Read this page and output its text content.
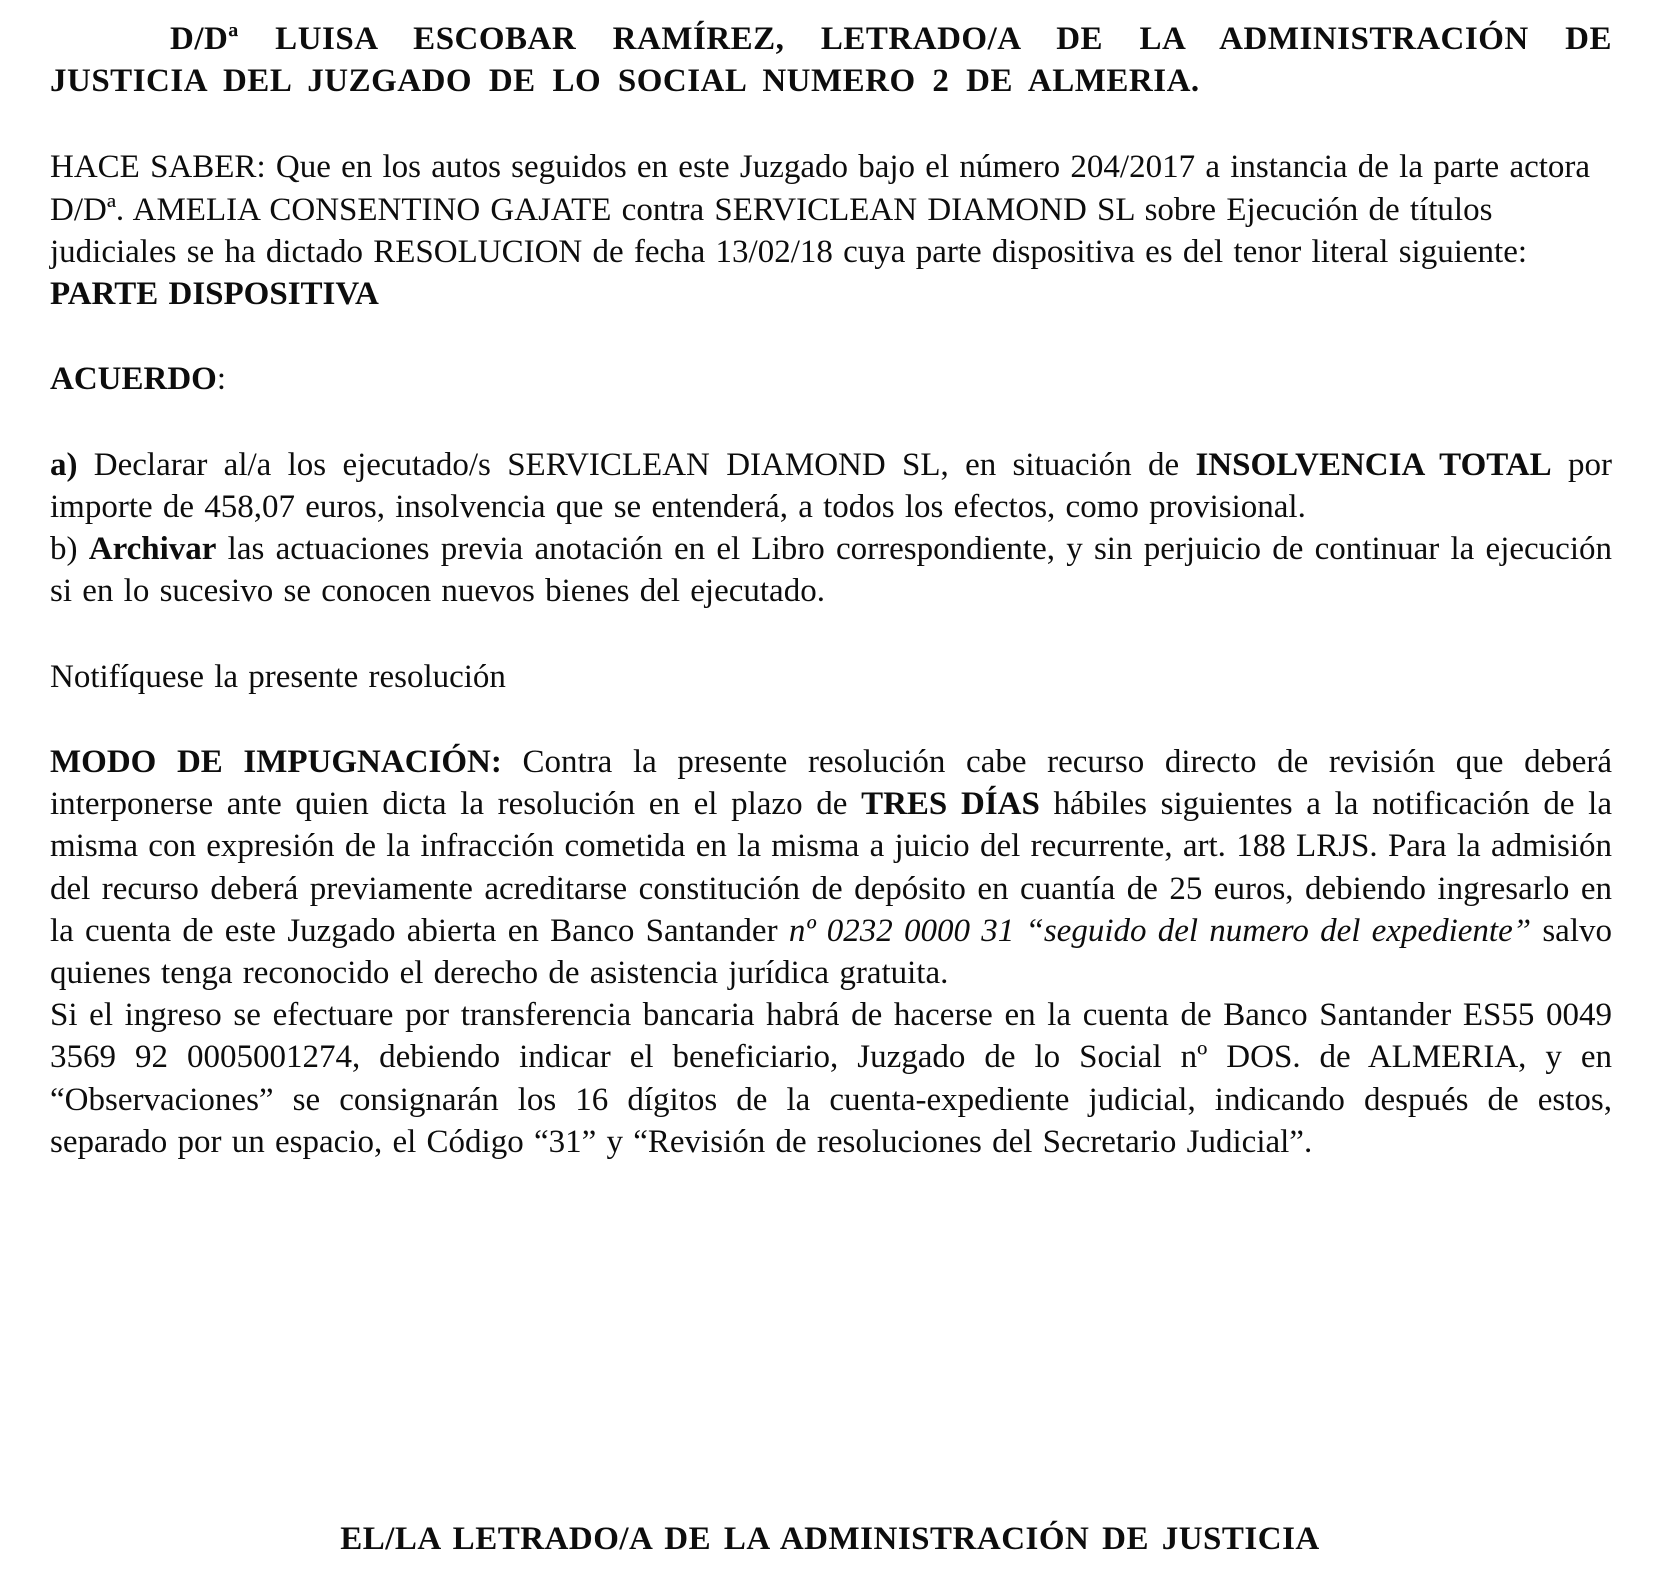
D/Dª LUISA ESCOBAR RAMÍREZ, LETRADO/A DE LA ADMINISTRACIÓN DE JUSTICIA DEL JUZGADO DE LO SOCIAL NUMERO 2 DE ALMERIA.

HACE SABER: Que en los autos seguidos en este Juzgado bajo el número 204/2017 a instancia de la parte actora D/Dª. AMELIA CONSENTINO GAJATE contra SERVICLEAN DIAMOND SL sobre Ejecución de títulos judiciales se ha dictado RESOLUCION de fecha 13/02/18 cuya parte dispositiva es del tenor literal siguiente:

PARTE DISPOSITIVA

ACUERDO:

a) Declarar al/a los ejecutado/s SERVICLEAN DIAMOND SL, en situación de INSOLVENCIA TOTAL por importe de 458,07 euros, insolvencia que se entenderá, a todos los efectos, como provisional.

b) Archivar las actuaciones previa anotación en el Libro correspondiente, y sin perjuicio de continuar la ejecución si en lo sucesivo se conocen nuevos bienes del ejecutado.

Notifíquese la presente resolución

MODO DE IMPUGNACIÓN: Contra la presente resolución cabe recurso directo de revisión que deberá interponerse ante quien dicta la resolución en el plazo de TRES DÍAS hábiles siguientes a la notificación de la misma con expresión de la infracción cometida en la misma a juicio del recurrente, art. 188 LRJS. Para la admisión del recurso deberá previamente acreditarse constitución de depósito en cuantía de 25 euros, debiendo ingresarlo en la cuenta de este Juzgado abierta en Banco Santander nº 0232 0000 31 “seguido del numero del expediente” salvo quienes tenga reconocido el derecho de asistencia jurídica gratuita.

Si el ingreso se efectuare por transferencia bancaria habrá de hacerse en la cuenta de Banco Santander ES55 0049 3569 92 0005001274, debiendo indicar el beneficiario, Juzgado de lo Social nº DOS. de ALMERIA, y en “Observaciones” se consignarán los 16 dígitos de la cuenta-expediente judicial, indicando después de estos, separado por un espacio, el Código “31” y “Revisión de resoluciones del Secretario Judicial”.

EL/LA LETRADO/A DE LA ADMINISTRACIÓN DE JUSTICIA
